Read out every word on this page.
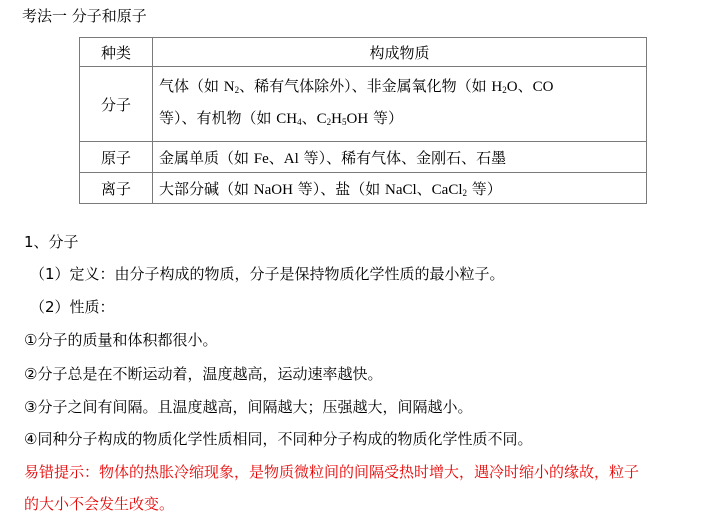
考法一 分子和原子
种类	构成物质
分子	气体（如 $N_2$、稀有气体除外）、非金属氧化物（如 $H_2O$、CO
等）、有机物（如 $CH_4$、$C_2H_5OH$ 等）

原子	金属单质（如 Fe、Al 等）、稀有气体、金刚石、石墨
离子	大部分碱（如 NaOH 等）、盐（如 NaCl、CaCl$_2$ 等）
1、分子
（1）定义：由分子构成的物质，分子是保持物质化学性质的最小粒子。
（2）性质：
①分子的质量和体积都很小。
②分子总是在不断运动着，温度越高，运动速率越快。
③分子之间有间隔。且温度越高，间隔越大；压强越大，间隔越小。
④同种分子构成的物质化学性质相同，不同种分子构成的物质化学性质不同。
易错提示：物体的热胀冷缩现象，是物质微粒间的间隔受热时增大，遇冷时缩小的缘故，粒子
的大小不会发生改变。
